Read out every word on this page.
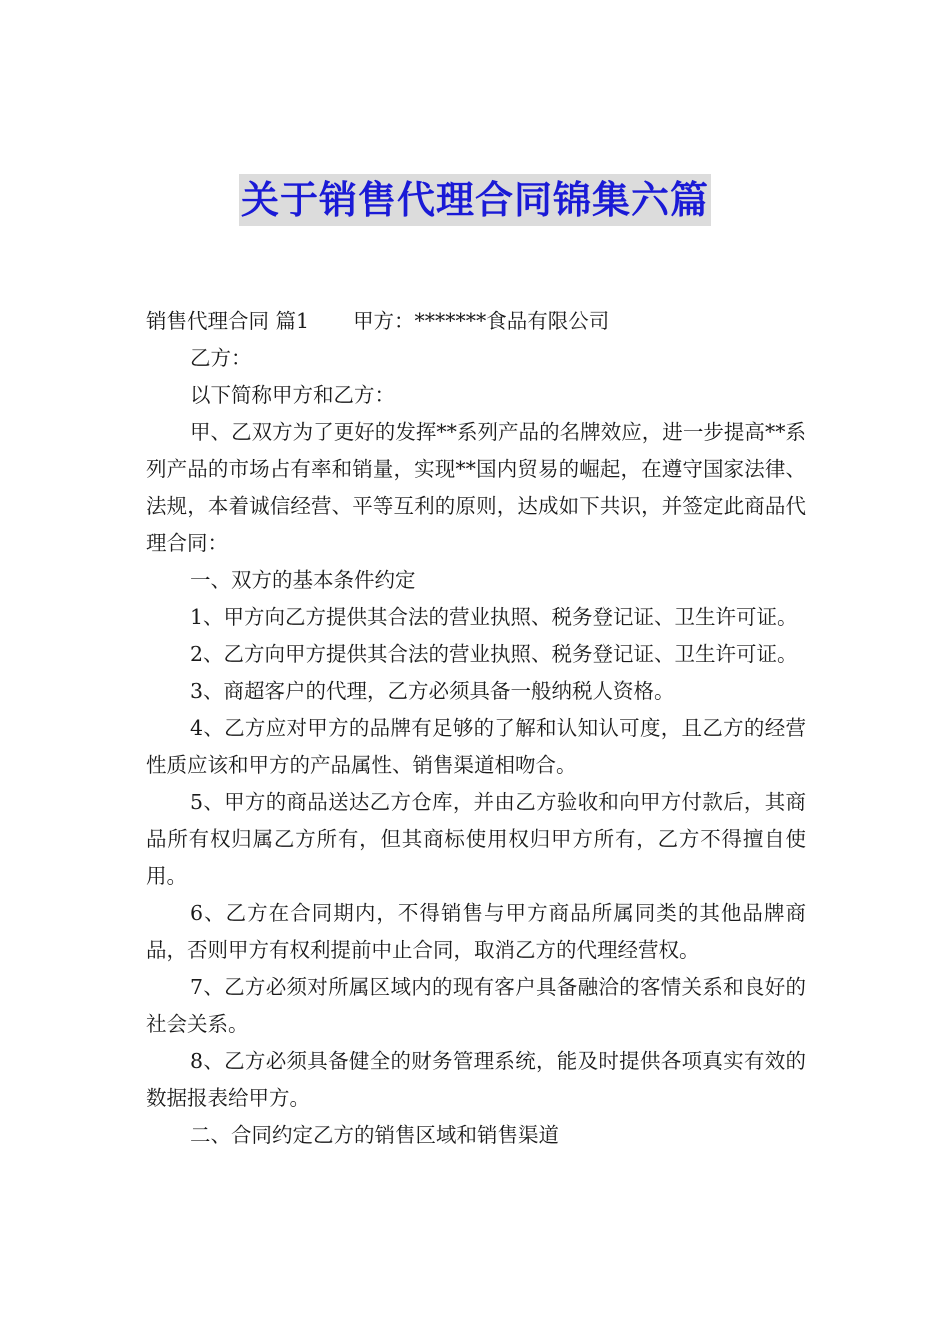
关于销售代理合同锦集六篇

销售代理合同 篇1 甲方：*******食品有限公司

乙方：

以下简称甲方和乙方：

甲、乙双方为了更好的发挥**系列产品的名牌效应，进一步提高**系列产品的市场占有率和销量，实现**国内贸易的崛起，在遵守国家法律、法规，本着诚信经营、平等互利的原则，达成如下共识，并签定此商品代理合同：

一、双方的基本条件约定

1、甲方向乙方提供其合法的营业执照、税务登记证、卫生许可证。

2、乙方向甲方提供其合法的营业执照、税务登记证、卫生许可证。

3、商超客户的代理，乙方必须具备一般纳税人资格。

4、乙方应对甲方的品牌有足够的了解和认知认可度，且乙方的经营性质应该和甲方的产品属性、销售渠道相吻合。

5、甲方的商品送达乙方仓库，并由乙方验收和向甲方付款后，其商品所有权归属乙方所有，但其商标使用权归甲方所有，乙方不得擅自使用。

6、乙方在合同期内，不得销售与甲方商品所属同类的其他品牌商品，否则甲方有权利提前中止合同，取消乙方的代理经营权。

7、乙方必须对所属区域内的现有客户具备融洽的客情关系和良好的社会关系。

8、乙方必须具备健全的财务管理系统，能及时提供各项真实有效的数据报表给甲方。

二、合同约定乙方的销售区域和销售渠道
